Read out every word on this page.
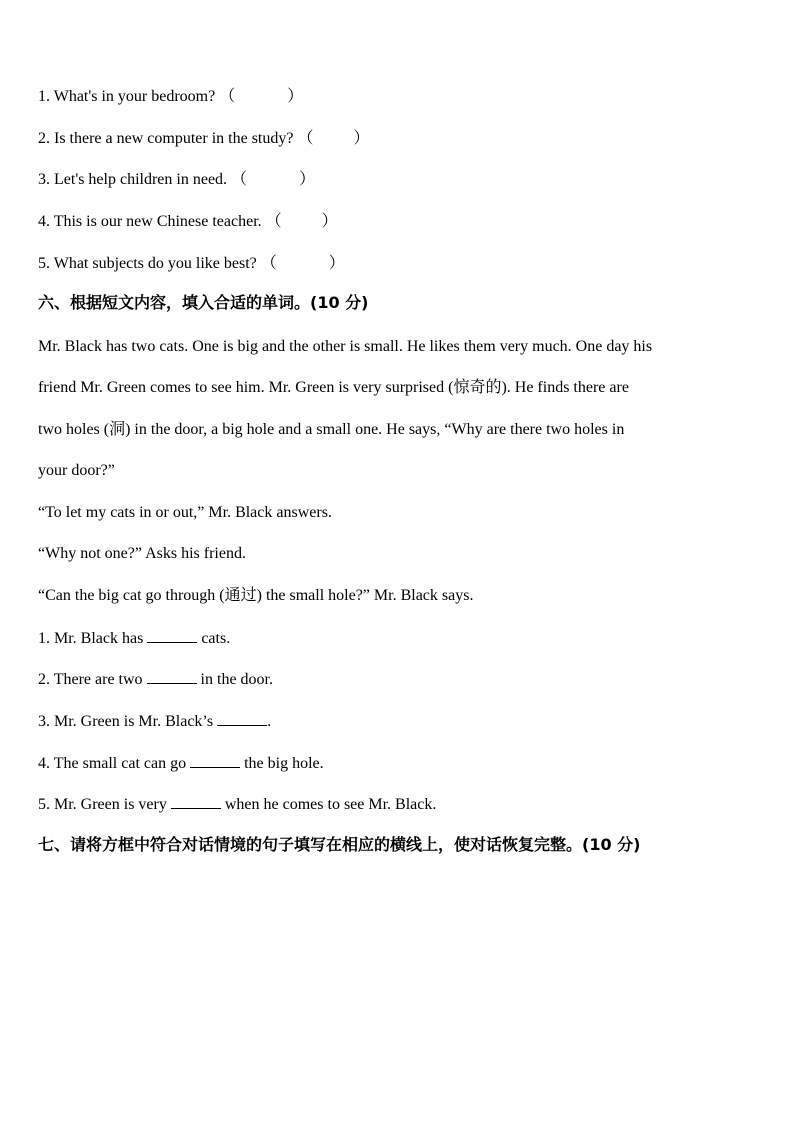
1. What's in your bedroom? （	）
2. Is there a new computer in the study? （	）
3. Let's help children in need. （	）
4. This is our new Chinese teacher. （	）
5. What subjects do you like best? （	）
六、根据短文内容，填入合适的单词。(10 分)
Mr. Black has two cats. One is big and the other is small. He likes them very much. One day his
friend Mr. Green comes to see him. Mr. Green is very surprised (惊奇的). He finds there are
two holes (洞) in the door, a big hole and a small one. He says, “Why are there two holes in
your door?”
“To let my cats in or out,” Mr. Black answers.
“Why not one?” Asks his friend.
“Can the big cat go through (通过) the small hole?” Mr. Black says.
1. Mr. Black has	cats.
2. There are two	in the door.
3. Mr. Green is Mr. Black’s	.
4. The small cat can go	the big hole.
5. Mr. Green is very	when he comes to see Mr. Black.
七、请将方框中符合对话情境的句子填写在相应的横线上，使对话恢复完整。(10 分)
